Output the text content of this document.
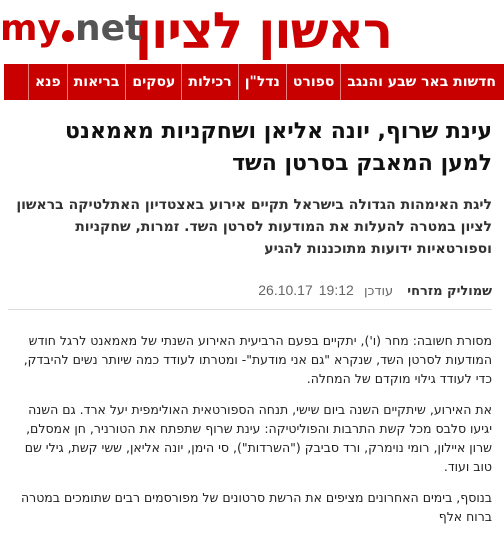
ראשון לציון
my net
חדשות באר שבע והנגב
ספורט
נדל"ן
רכילות
עסקים
בריאות
פנא
עינת שרוף, יונה אליאן ושחקניות מאמאנט למען המאבק בסרטן השד
ליגת האימהות הגדולה בישראל תקיים אירוע באצטדיון האתלטיקה בראשון לציון במטרה להעלות את המודעות לסרטן השד. זמרות, שחקניות וספורטאיות ידועות מתוכננות להגיע
שמוליק מזרחי עודכן 26.10.17 19:12

מסורת חשובה: מחר (ו'), יתקיים בפעם הרביעית האירוע השנתי של מאמאנט לרגל חודש המודעות לסרטן השד, שנקרא "גם אני מודעת"- ומטרתו לעודד כמה שיותר נשים להיבדק, כדי לעודד גילוי מוקדם של המחלה.

את האירוע, שיתקיים השנה ביום שישי, תנחה הספורטאית האולימפית יעל ארד. גם השנה יגיעו סלבס מכל קשת התרבות והפוליטיקה: עינת שרוף שתפתח את הטורניר, חן אמסלם, שרון איילון, רומי נוימרק, ורד סביבק ("השרדות"), סי הימן, יונה אליאן, ששי קשת, גילי שם טוב ועוד.

בנוסף, בימים האחרונים מציפים את הרשת סרטונים של מפורסמים רבים שתומכים במטרה ברוח אלף
